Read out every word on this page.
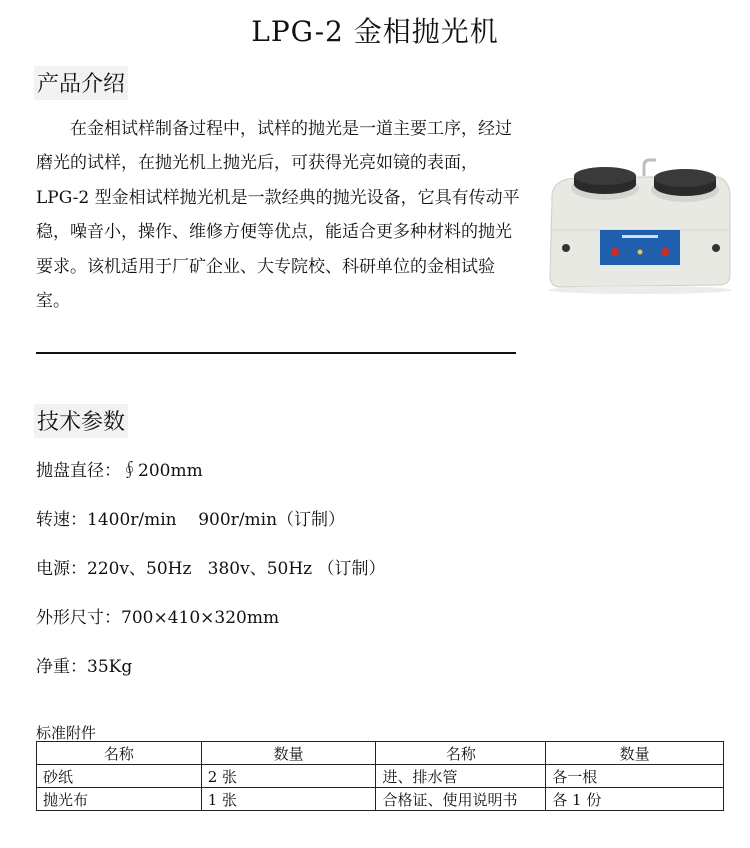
LPG-2 金相抛光机
产品介绍

在金相试样制备过程中，试样的抛光是一道主要工序，经过磨光的试样，在抛光机上抛光后，可获得光亮如镜的表面，LPG-2 型金相试样抛光机是一款经典的抛光设备，它具有传动平稳，噪音小，操作、维修方便等优点，能适合更多种材料的抛光要求。该机适用于厂矿企业、大专院校、科研单位的金相试验室。

技术参数
抛盘直径：∮200mm
转速：1400r/min    900r/min（订制）
电源：220v、50Hz   380v、50Hz （订制）
外形尺寸：700×410×320mm
净重：35Kg
标准附件
名称	数量	名称	数量
砂纸	2 张	进、排水管	各一根
抛光布	1 张	合格证、使用说明书	各 1 份
